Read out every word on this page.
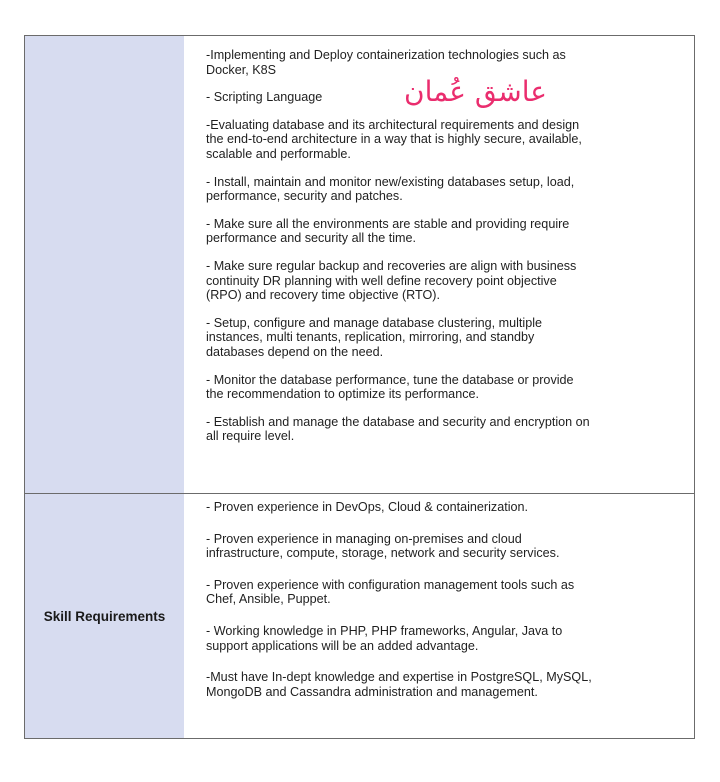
-Implementing and Deploy containerization technologies such as
Docker, K8S

- Scripting Language

-Evaluating database and its architectural requirements and design
the end-to-end architecture in a way that is highly secure, available,
scalable and performable.

- Install, maintain and monitor new/existing databases setup, load,
performance, security and patches.

- Make sure all the environments are stable and providing require
performance and security all the time.

- Make sure regular backup and recoveries are align with business
continuity DR planning with well define recovery point objective
(RPO) and recovery time objective (RTO).

- Setup, configure and manage database clustering, multiple
instances, multi tenants, replication, mirroring, and standby
databases depend on the need.

- Monitor the database performance, tune the database or provide
the recommendation to optimize its performance.

- Establish and manage the database and security and encryption on
all require level.

Skill Requirements

- Proven experience in DevOps, Cloud & containerization.

- Proven experience in managing on-premises and cloud
infrastructure, compute, storage, network and security services.

- Proven experience with configuration management tools such as
Chef, Ansible, Puppet.

- Working knowledge in PHP, PHP frameworks, Angular, Java to
support applications will be an added advantage.

-Must have In-dept knowledge and expertise in PostgreSQL, MySQL,
MongoDB and Cassandra administration and management.

عاشق عُمان
